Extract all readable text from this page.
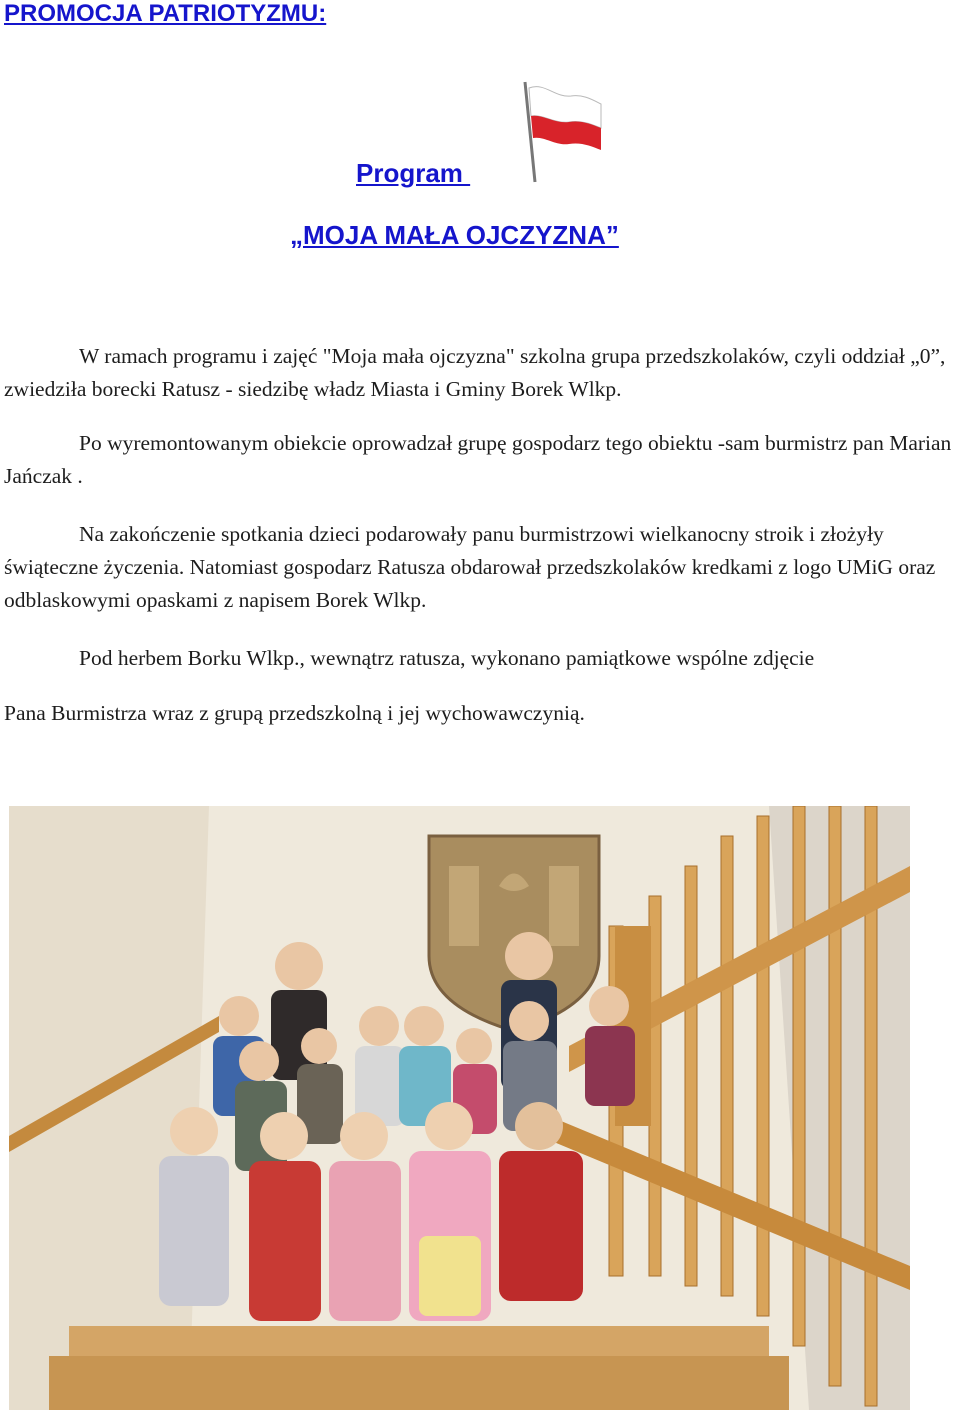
PROMOCJA PATRIOTYZMU:

Program

„MOJA MAŁA OJCZYZNA”

W ramach programu i zajęć "Moja mała ojczyzna" szkolna grupa przedszkolaków, czyli oddział „0”, zwiedziła borecki Ratusz - siedzibę władz Miasta i Gminy Borek Wlkp.

Po wyremontowanym obiekcie oprowadzał grupę gospodarz tego obiektu -sam burmistrz pan Marian Jańczak .

Na zakończenie spotkania dzieci podarowały panu burmistrzowi wielkanocny stroik i złożyły świąteczne życzenia. Natomiast gospodarz Ratusza obdarował przedszkolaków kredkami z logo UMiG oraz odblaskowymi opaskami z napisem Borek Wlkp.

Pod herbem Borku Wlkp., wewnątrz ratusza, wykonano pamiątkowe wspólne zdjęcie

Pana Burmistrza wraz z grupą przedszkolną i jej wychowawczynią.
